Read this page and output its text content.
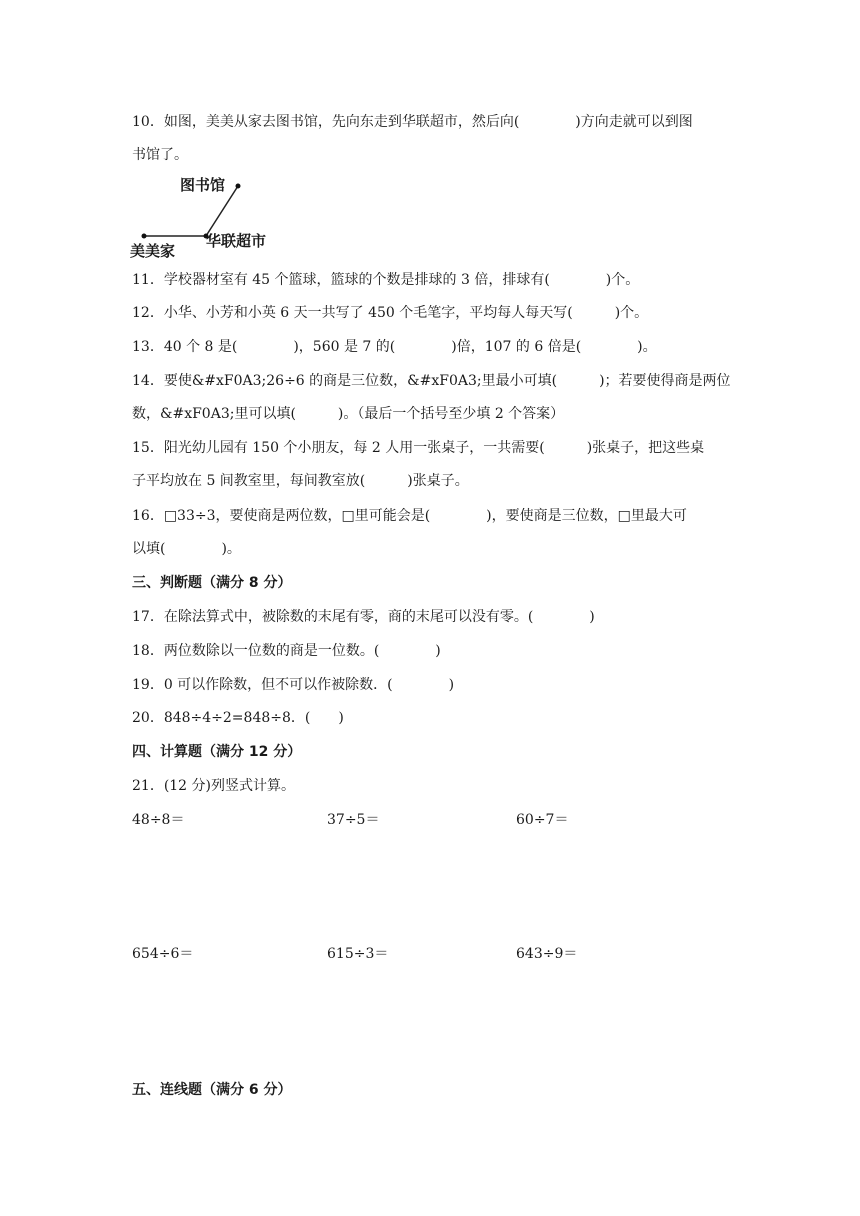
10．如图，美美从家去图书馆，先向东走到华联超市，然后向(　　　　)方向走就可以到图
书馆了。
图书馆
华联超市
美美家
11．学校器材室有 45 个篮球，篮球的个数是排球的 3 倍，排球有(　　　　)个。
12．小华、小芳和小英 6 天一共写了 450 个毛笔字，平均每人每天写(　　　)个。
13．40 个 8 是(　　　　)，560 是 7 的(　　　　)倍，107 的 6 倍是(　　　　)。
14．要使&#xF0A3;26÷6 的商是三位数，&#xF0A3;里最小可填(　　　)；若要使得商是两位
数，&#xF0A3;里可以填(　　　)。（最后一个括号至少填 2 个答案）
15．阳光幼儿园有 150 个小朋友，每 2 人用一张桌子，一共需要(　　　)张桌子，把这些桌
子平均放在 5 间教室里，每间教室放(　　　)张桌子。
16．□33÷3，要使商是两位数，□里可能会是(　　　　)，要使商是三位数，□里最大可
以填(　　　　)。
三、判断题（满分 8 分）
17．在除法算式中，被除数的末尾有零，商的末尾可以没有零。(　　　　)
18．两位数除以一位数的商是一位数。(　　　　)
19．0 可以作除数，但不可以作被除数．(　　　　)
20．848÷4÷2=848÷8．(　　)
四、计算题（满分 12 分）
21．(12 分)列竖式计算。
48÷8＝	37÷5＝	60÷7＝
654÷6＝	615÷3＝	643÷9＝
五、连线题（满分 6 分）
